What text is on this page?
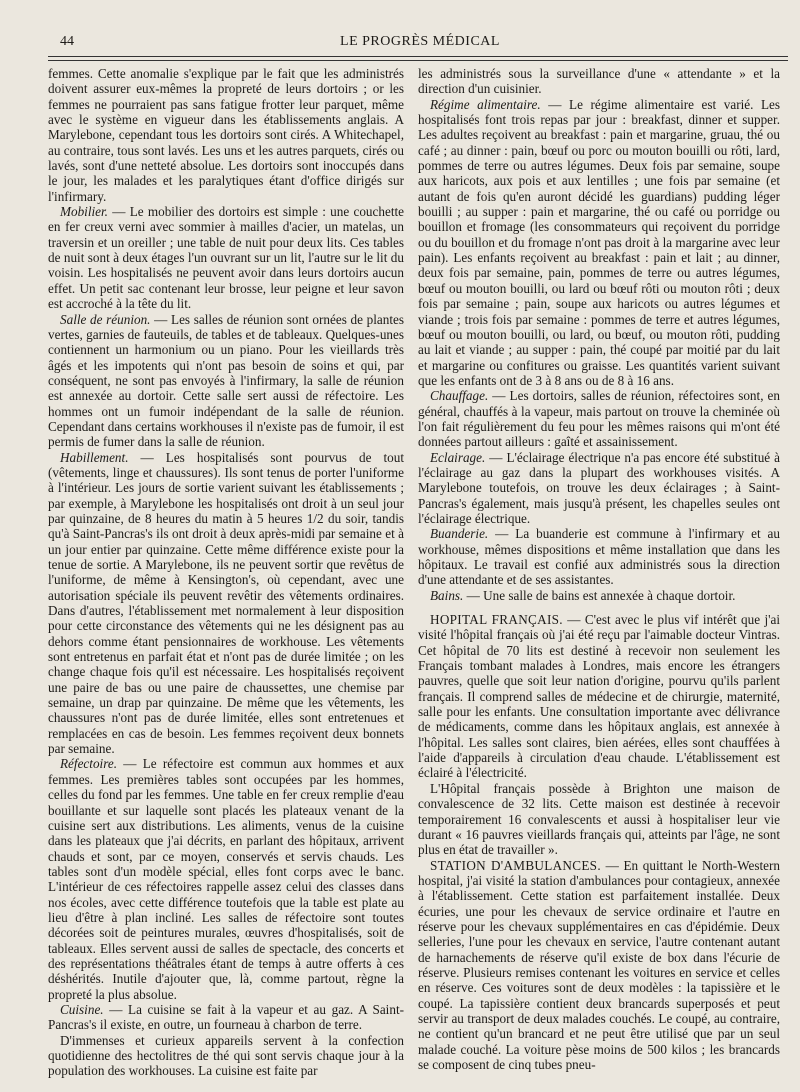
44	LE PROGRÈS MÉDICAL

femmes. Cette anomalie s'explique par le fait que les administrés doivent assurer eux-mêmes la propreté de leurs dortoirs ; or les femmes ne pourraient pas sans fatigue frotter leur parquet, même avec le système en vigueur dans les établissements anglais. A Marylebone, cependant tous les dortoirs sont cirés. A Whitechapel, au contraire, tous sont lavés. Les uns et les autres parquets, cirés ou lavés, sont d'une netteté absolue. Les dortoirs sont inoccupés dans le jour, les malades et les paralytiques étant d'office dirigés sur l'infirmary.

Mobilier. — Le mobilier des dortoirs est simple : une couchette en fer creux verni avec sommier à mailles d'acier, un matelas, un traversin et un oreiller ; une table de nuit pour deux lits. Ces tables de nuit sont à deux étages l'un ouvrant sur un lit, l'autre sur le lit du voisin. Les hospitalisés ne peuvent avoir dans leurs dortoirs aucun effet. Un petit sac contenant leur brosse, leur peigne et leur savon est accroché à la tête du lit.

Salle de réunion. — Les salles de réunion sont ornées de plantes vertes, garnies de fauteuils, de tables et de tableaux. Quelques-unes contiennent un harmonium ou un piano. Pour les vieillards très âgés et les impotents qui n'ont pas besoin de soins et qui, par conséquent, ne sont pas envoyés à l'infirmary, la salle de réunion est annexée au dortoir. Cette salle sert aussi de réfectoire. Les hommes ont un fumoir indépendant de la salle de réunion. Cependant dans certains workhouses il n'existe pas de fumoir, il est permis de fumer dans la salle de réunion.

Habillement. — Les hospitalisés sont pourvus de tout (vêtements, linge et chaussures). Ils sont tenus de porter l'uniforme à l'intérieur. Les jours de sortie varient suivant les établissements ; par exemple, à Marylebone les hospitalisés ont droit à un seul jour par quinzaine, de 8 heures du matin à 5 heures 1/2 du soir, tandis qu'à Saint-Pancras's ils ont droit à deux après-midi par semaine et à un jour entier par quinzaine. Cette même différence existe pour la tenue de sortie. A Marylebone, ils ne peuvent sortir que revêtus de l'uniforme, de même à Kensington's, où cependant, avec une autorisation spéciale ils peuvent revêtir des vêtements ordinaires. Dans d'autres, l'établissement met normalement à leur disposition pour cette circonstance des vêtements qui ne les désignent pas au dehors comme étant pensionnaires de workhouse. Les vêtements sont entretenus en parfait état et n'ont pas de durée limitée ; on les change chaque fois qu'il est nécessaire. Les hospitalisés reçoivent une paire de bas ou une paire de chaussettes, une chemise par semaine, un drap par quinzaine. De même que les vêtements, les chaussures n'ont pas de durée limitée, elles sont entretenues et remplacées en cas de besoin. Les femmes reçoivent deux bonnets par semaine.

Réfectoire. — Le réfectoire est commun aux hommes et aux femmes. Les premières tables sont occupées par les hommes, celles du fond par les femmes. Une table en fer creux remplie d'eau bouillante et sur laquelle sont placés les plateaux venant de la cuisine sert aux distributions. Les aliments, venus de la cuisine dans les plateaux que j'ai décrits, en parlant des hôpitaux, arrivent chauds et sont, par ce moyen, conservés et servis chauds. Les tables sont d'un modèle spécial, elles font corps avec le banc. L'intérieur de ces réfectoires rappelle assez celui des classes dans nos écoles, avec cette différence toutefois que la table est plate au lieu d'être à plan incliné. Les salles de réfectoire sont toutes décorées soit de peintures murales, œuvres d'hospitalisés, soit de tableaux. Elles servent aussi de salles de spectacle, des concerts et des représentations théâtrales étant de temps à autre offerts à ces déshérités. Inutile d'ajouter que, là, comme partout, règne la propreté la plus absolue.

Cuisine. — La cuisine se fait à la vapeur et au gaz. A Saint-Pancras's il existe, en outre, un fourneau à charbon de terre.

D'immenses et curieux appareils servent à la confection quotidienne des hectolitres de thé qui sont servis chaque jour à la population des workhouses. La cuisine est faite par

les administrés sous la surveillance d'une « attendante » et la direction d'un cuisinier.

Régime alimentaire. — Le régime alimentaire est varié. Les hospitalisés font trois repas par jour : breakfast, dinner et supper. Les adultes reçoivent au breakfast : pain et margarine, gruau, thé ou café ; au dinner : pain, bœuf ou porc ou mouton bouilli ou rôti, lard, pommes de terre ou autres légumes. Deux fois par semaine, soupe aux haricots, aux pois et aux lentilles ; une fois par semaine (et autant de fois qu'en auront décidé les guardians) pudding léger bouilli ; au supper : pain et margarine, thé ou café ou porridge ou bouillon et fromage (les consommateurs qui reçoivent du porridge ou du bouillon et du fromage n'ont pas droit à la margarine avec leur pain). Les enfants reçoivent au breakfast : pain et lait ; au dinner, deux fois par semaine, pain, pommes de terre ou autres légumes, bœuf ou mouton bouilli, ou lard ou bœuf rôti ou mouton rôti ; deux fois par semaine ; pain, soupe aux haricots ou autres légumes et viande ; trois fois par semaine : pommes de terre et autres légumes, bœuf ou mouton bouilli, ou lard, ou bœuf, ou mouton rôti, pudding au lait et viande ; au supper : pain, thé coupé par moitié par du lait et margarine ou confitures ou graisse. Les quantités varient suivant que les enfants ont de 3 à 8 ans ou de 8 à 16 ans.

Chauffage. — Les dortoirs, salles de réunion, réfectoires sont, en général, chauffés à la vapeur, mais partout on trouve la cheminée où l'on fait régulièrement du feu pour les mêmes raisons qui m'ont été données partout ailleurs : gaîté et assainissement.

Eclairage. — L'éclairage électrique n'a pas encore été substitué à l'éclairage au gaz dans la plupart des workhouses visités. A Marylebone toutefois, on trouve les deux éclairages ; à Saint-Pancras's également, mais jusqu'à présent, les chapelles seules ont l'éclairage électrique.

Buanderie. — La buanderie est commune à l'infirmary et au workhouse, mêmes dispositions et même installation que dans les hôpitaux. Le travail est confié aux administrés sous la direction d'une attendante et de ses assistantes.

Bains. — Une salle de bains est annexée à chaque dortoir.

HOPITAL FRANÇAIS. — C'est avec le plus vif intérêt que j'ai visité l'hôpital français où j'ai été reçu par l'aimable docteur Vintras. Cet hôpital de 70 lits est destiné à recevoir non seulement les Français tombant malades à Londres, mais encore les étrangers pauvres, quelle que soit leur nation d'origine, pourvu qu'ils parlent français. Il comprend salles de médecine et de chirurgie, maternité, salle pour les enfants. Une consultation importante avec délivrance de médicaments, comme dans les hôpitaux anglais, est annexée à l'hôpital. Les salles sont claires, bien aérées, elles sont chauffées à l'aide d'appareils à circulation d'eau chaude. L'établissement est éclairé à l'électricité.

L'Hôpital français possède à Brighton une maison de convalescence de 32 lits. Cette maison est destinée à recevoir temporairement 16 convalescents et aussi à hospitaliser leur vie durant « 16 pauvres vieillards français qui, atteints par l'âge, ne sont plus en état de travailler ».

STATION D'AMBULANCES. — En quittant le North-Western hospital, j'ai visité la station d'ambulances pour contagieux, annexée à l'établissement. Cette station est parfaitement installée. Deux écuries, une pour les chevaux de service ordinaire et l'autre en réserve pour les chevaux supplémentaires en cas d'épidémie. Deux selleries, l'une pour les chevaux en service, l'autre contenant autant de harnachements de réserve qu'il existe de box dans l'écurie de réserve. Plusieurs remises contenant les voitures en service et celles en réserve. Ces voitures sont de deux modèles : la tapissière et le coupé. La tapissière contient deux brancards superposés et peut servir au transport de deux malades couchés. Le coupé, au contraire, ne contient qu'un brancard et ne peut être utilisé que par un seul malade couché. La voiture pèse moins de 500 kilos ; les brancards se composent de cinq tubes pneu-
